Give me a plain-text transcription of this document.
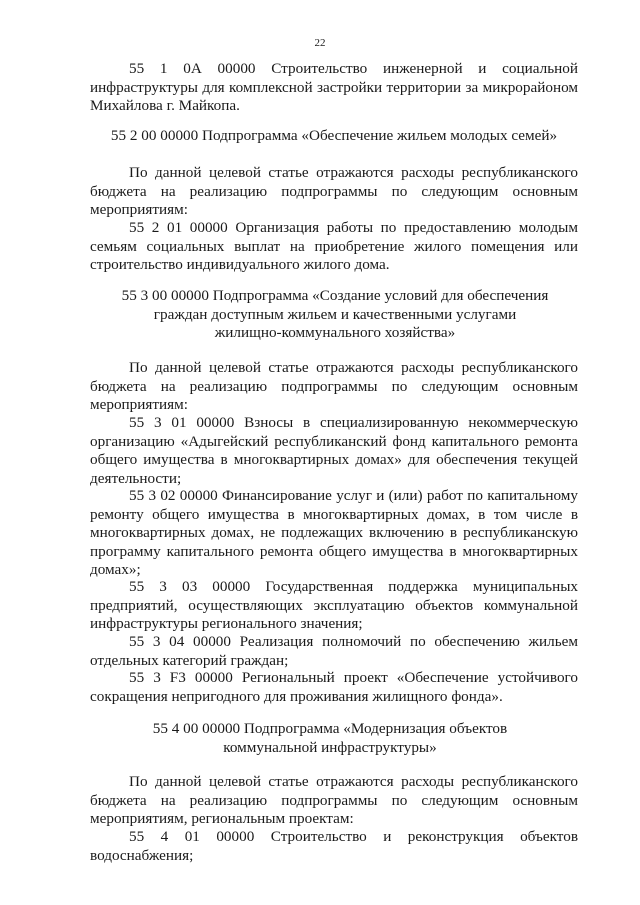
22

55 1 0А 00000 Строительство инженерной и социальной инфраструктуры для комплексной застройки территории за микрорайоном Михайлова г. Майкопа.

55 2 00 00000 Подпрограмма «Обеспечение жильем молодых семей»

По данной целевой статье отражаются расходы республиканского бюджета на реализацию подпрограммы по следующим основным мероприятиям:

55 2 01 00000 Организация работы по предоставлению молодым семьям социальных выплат на приобретение жилого помещения или строительство индивидуального жилого дома.

55 3 00 00000 Подпрограмма «Создание условий для обеспечения граждан доступным жильем и качественными услугами жилищно-коммунального хозяйства»

По данной целевой статье отражаются расходы республиканского бюджета на реализацию подпрограммы по следующим основным мероприятиям:

55 3 01 00000 Взносы в специализированную некоммерческую организацию «Адыгейский республиканский фонд капитального ремонта общего имущества в многоквартирных домах» для обеспечения текущей деятельности;

55 3 02 00000 Финансирование услуг и (или) работ по капитальному ремонту общего имущества в многоквартирных домах, в том числе в многоквартирных домах, не подлежащих включению в республиканскую программу капитального ремонта общего имущества в многоквартирных домах»;

55 3 03 00000 Государственная поддержка муниципальных предприятий, осуществляющих эксплуатацию объектов коммунальной инфраструктуры регионального значения;

55 3 04 00000 Реализация полномочий по обеспечению жильем отдельных категорий граждан;

55 3 F3 00000 Региональный проект «Обеспечение устойчивого сокращения непригодного для проживания жилищного фонда».

55 4 00 00000 Подпрограмма «Модернизация объектов коммунальной инфраструктуры»

По данной целевой статье отражаются расходы республиканского бюджета на реализацию подпрограммы по следующим основным мероприятиям, региональным проектам:

55 4 01 00000 Строительство и реконструкция объектов водоснабжения;
